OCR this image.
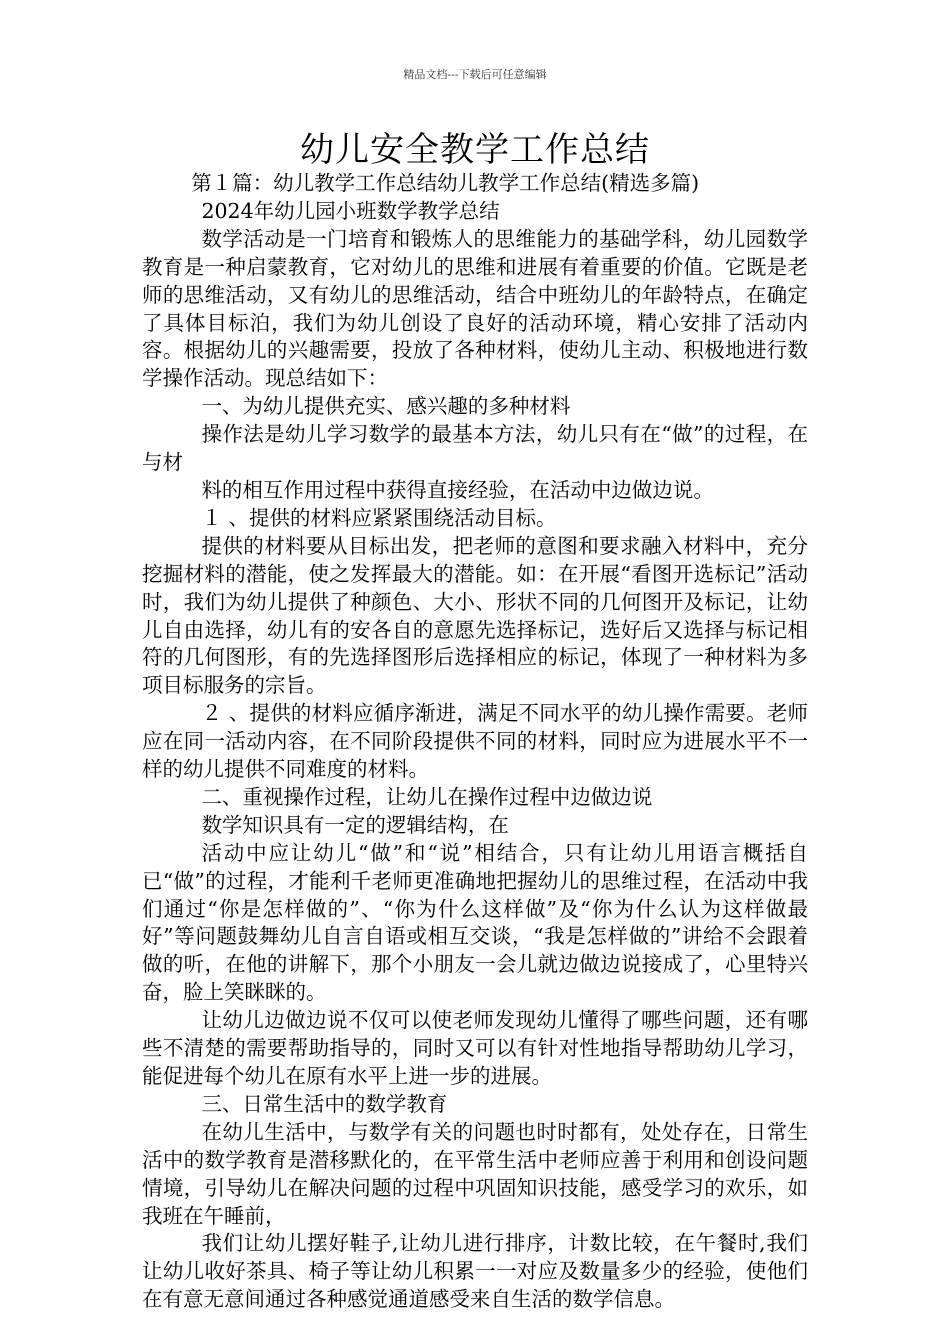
精品文档---下载后可任意编辑
幼儿安全教学工作总结

第１篇：幼儿教学工作总结幼儿教学工作总结(精选多篇)

2024年幼儿园小班数学教学总结

数学活动是一门培育和锻炼人的思维能力的基础学科，幼儿园数学教育是一种启蒙教育，它对幼儿的思维和进展有着重要的价值。它既是老师的思维活动，又有幼儿的思维活动，结合中班幼儿的年龄特点，在确定了具体目标泊，我们为幼儿创设了良好的活动环境，精心安排了活动内容。根据幼儿的兴趣需要，投放了各种材料，使幼儿主动、积极地进行数学操作活动。现总结如下：

一、为幼儿提供充实、感兴趣的多种材料

操作法是幼儿学习数学的最基本方法，幼儿只有在“做”的过程，在与材

料的相互作用过程中获得直接经验，在活动中边做边说。

１ 、提供的材料应紧紧围绕活动目标。

提供的材料要从目标出发，把老师的意图和要求融入材料中，充分挖掘材料的潜能，使之发挥最大的潜能。如：在开展“看图开选标记”活动时，我们为幼儿提供了种颜色、大小、形状不同的几何图开及标记，让幼儿自由选择，幼儿有的安各自的意愿先选择标记，选好后又选择与标记相符的几何图形，有的先选择图形后选择相应的标记，体现了一种材料为多项目标服务的宗旨。

２ 、提供的材料应循序渐进，满足不同水平的幼儿操作需要。老师应在同一活动内容，在不同阶段提供不同的材料，同时应为进展水平不一样的幼儿提供不同难度的材料。

二、重视操作过程，让幼儿在操作过程中边做边说

数学知识具有一定的逻辑结构，在

活动中应让幼儿“做”和“说”相结合，只有让幼儿用语言概括自已“做”的过程，才能利千老师更准确地把握幼儿的思维过程，在活动中我们通过“你是怎样做的”、“你为什么这样做”及“你为什么认为这样做最好”等问题鼓舞幼儿自言自语或相互交谈，“我是怎样做的”讲给不会跟着做的听，在他的讲解下，那个小朋友一会儿就边做边说接成了，心里特兴奋，脸上笑眯眯的。

让幼儿边做边说不仅可以使老师发现幼儿懂得了哪些问题，还有哪些不清楚的需要帮助指导的，同时又可以有针对性地指导帮助幼儿学习，能促进每个幼儿在原有水平上进一步的进展。

三、日常生活中的数学教育

在幼儿生活中，与数学有关的问题也时时都有，处处存在，日常生活中的数学教育是潜移默化的，在平常生活中老师应善于利用和创设问题情境，引导幼儿在解决问题的过程中巩固知识技能，感受学习的欢乐，如我班在午睡前，

我们让幼儿摆好鞋子,让幼儿进行排序，计数比较，在午餐时,我们让幼儿收好茶具、椅子等让幼儿积累一一对应及数量多少的经验，使他们在有意无意间通过各种感觉通道感受来自生活的数学信息。
